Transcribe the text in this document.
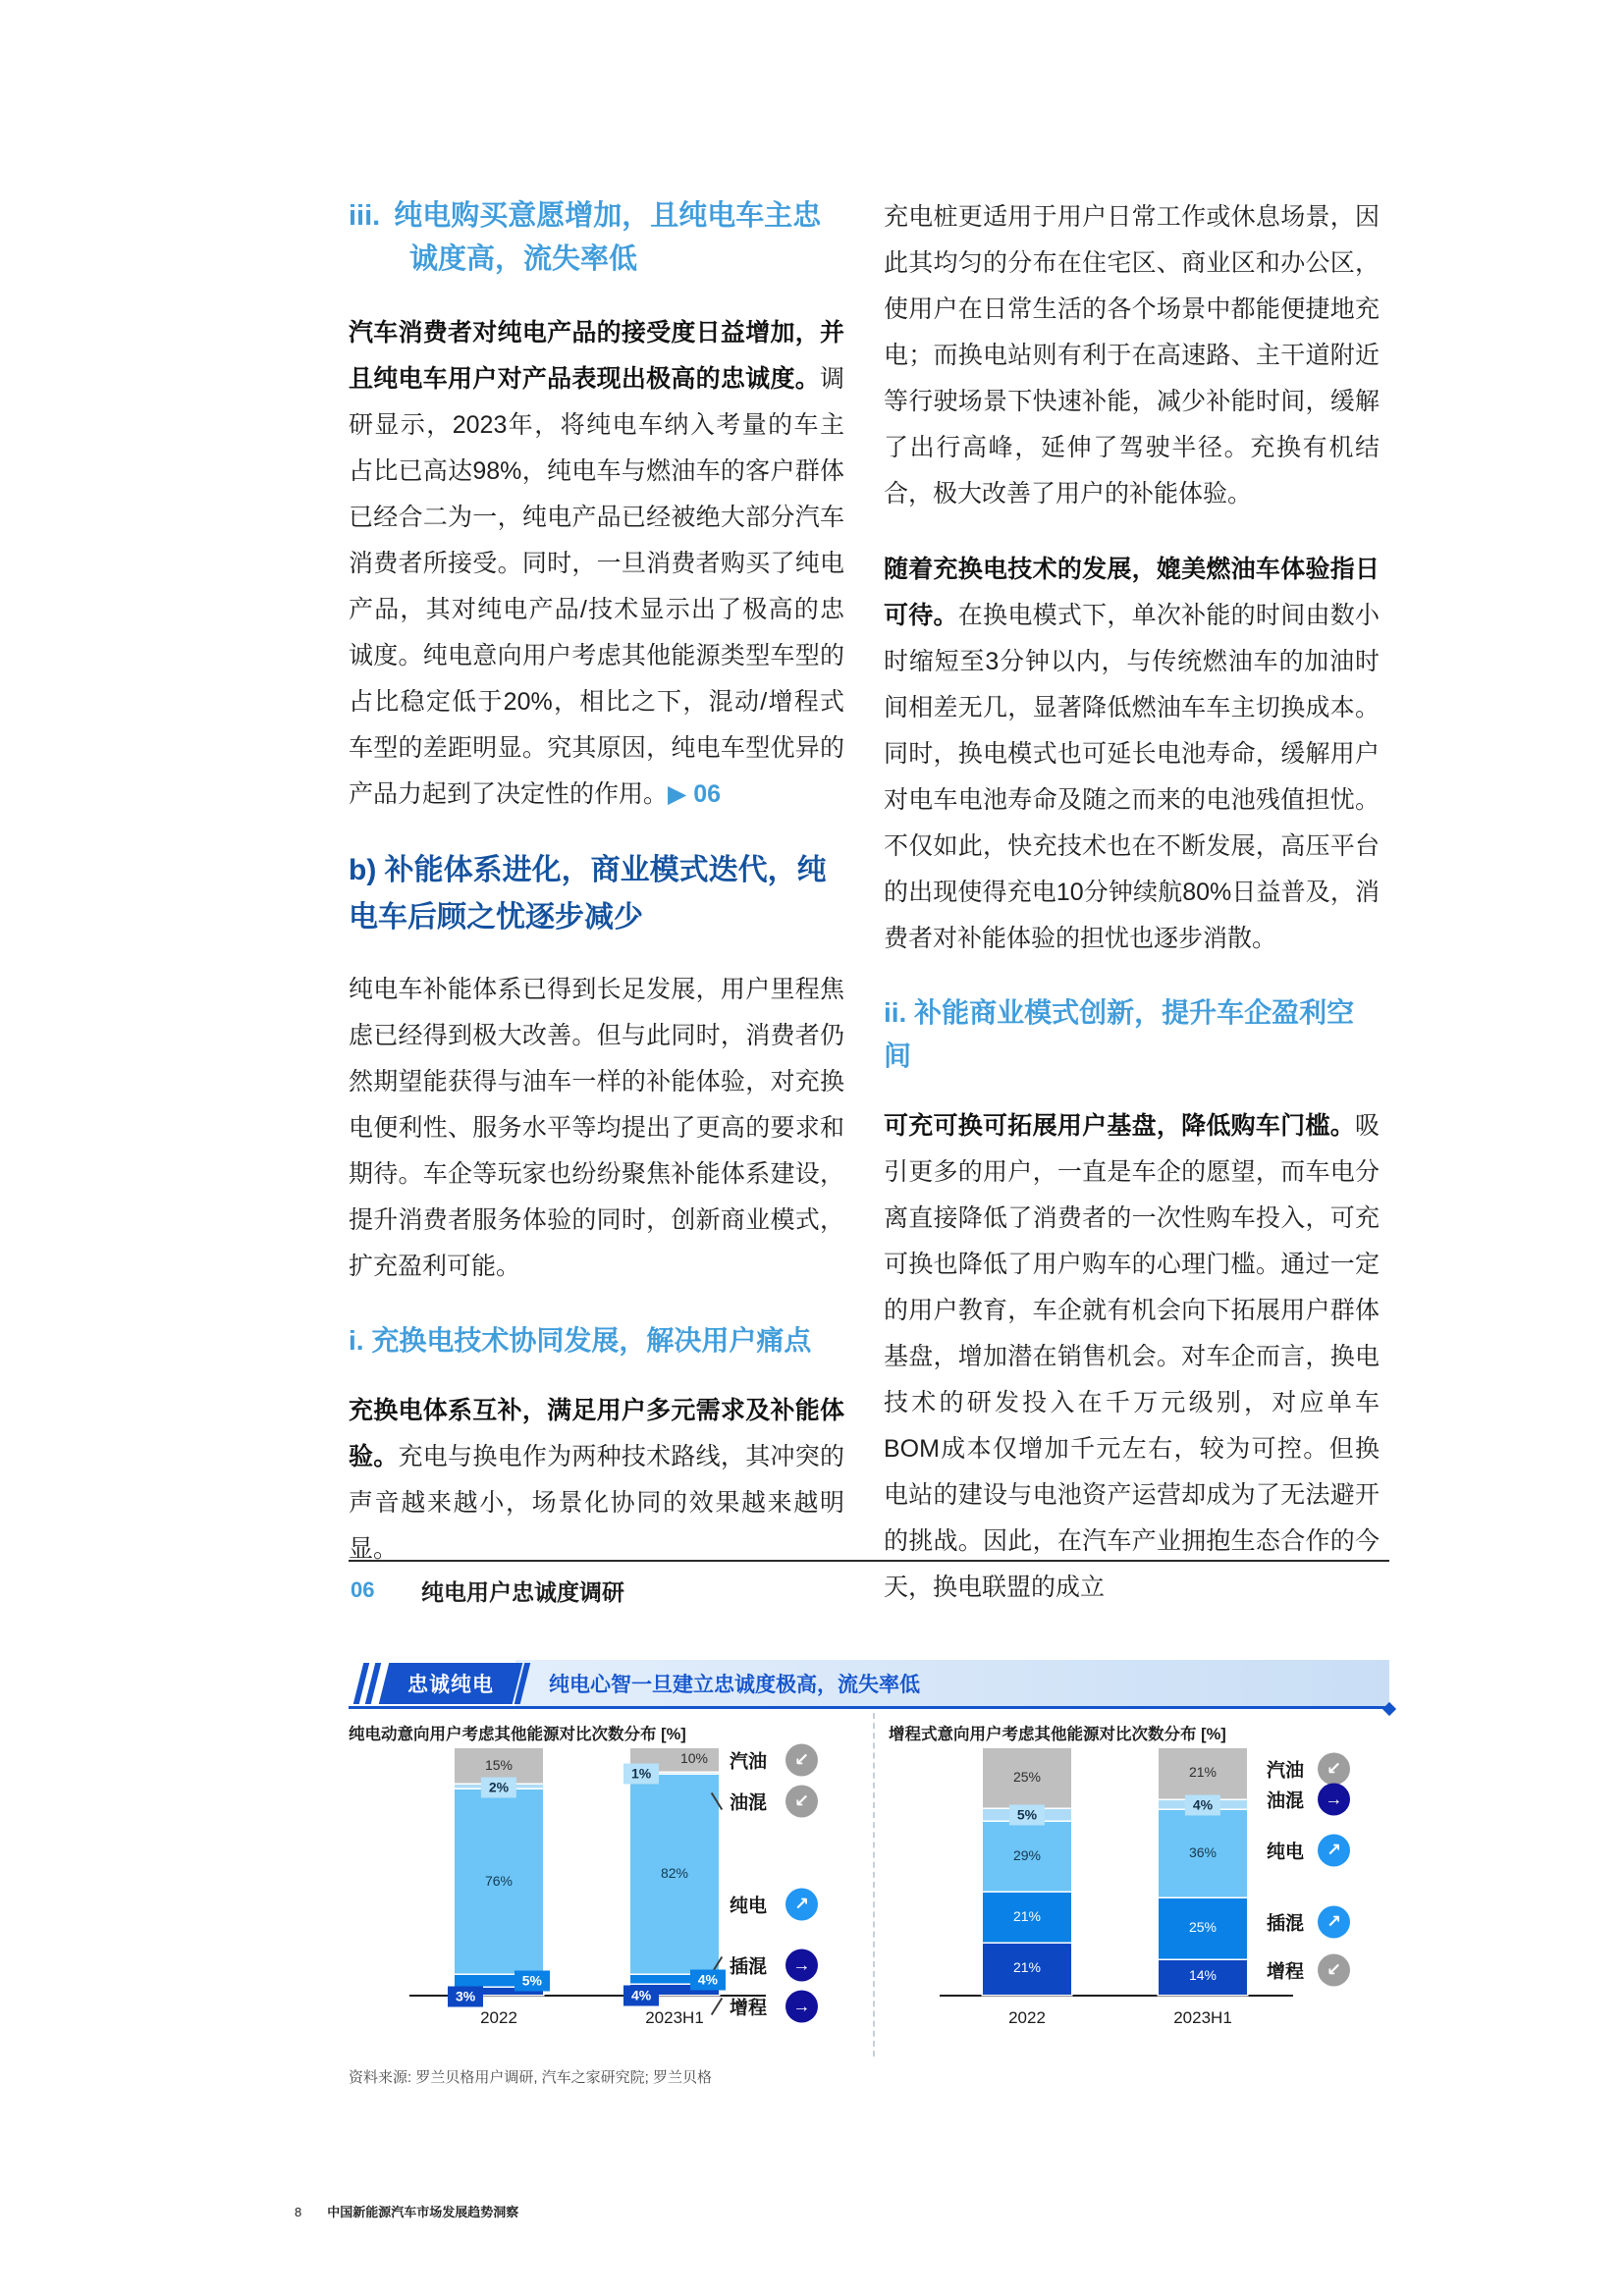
iii. 纯电购买意愿增加，且纯电车主忠诚度高，流失率低

汽车消费者对纯电产品的接受度日益增加，并且纯电车用户对产品表现出极高的忠诚度。调研显示，2023年，将纯电车纳入考量的车主占比已高达98%，纯电车与燃油车的客户群体已经合二为一，纯电产品已经被绝大部分汽车消费者所接受。同时，一旦消费者购买了纯电产品，其对纯电产品/技术显示出了极高的忠诚度。纯电意向用户考虑其他能源类型车型的占比稳定低于20%，相比之下，混动/增程式车型的差距明显。究其原因，纯电车型优异的产品力起到了决定性的作用。▶ 06

b) 补能体系进化，商业模式迭代，纯电车后顾之忧逐步减少

纯电车补能体系已得到长足发展，用户里程焦虑已经得到极大改善。但与此同时，消费者仍然期望能获得与油车一样的补能体验，对充换电便利性、服务水平等均提出了更高的要求和期待。车企等玩家也纷纷聚焦补能体系建设，提升消费者服务体验的同时，创新商业模式，扩充盈利可能。

i. 充换电技术协同发展，解决用户痛点

充换电体系互补，满足用户多元需求及补能体验。充电与换电作为两种技术路线，其冲突的声音越来越小，场景化协同的效果越来越明显。

充电桩更适用于用户日常工作或休息场景，因此其均匀的分布在住宅区、商业区和办公区，使用户在日常生活的各个场景中都能便捷地充电；而换电站则有利于在高速路、主干道附近等行驶场景下快速补能，减少补能时间，缓解了出行高峰，延伸了驾驶半径。充换有机结合，极大改善了用户的补能体验。

随着充换电技术的发展，媲美燃油车体验指日可待。在换电模式下，单次补能的时间由数小时缩短至3分钟以内，与传统燃油车的加油时间相差无几，显著降低燃油车车主切换成本。同时，换电模式也可延长电池寿命，缓解用户对电车电池寿命及随之而来的电池残值担忧。不仅如此，快充技术也在不断发展，高压平台的出现使得充电10分钟续航80%日益普及，消费者对补能体验的担忧也逐步消散。

ii. 补能商业模式创新，提升车企盈利空间

可充可换可拓展用户基盘，降低购车门槛。吸引更多的用户，一直是车企的愿望，而车电分离直接降低了消费者的一次性购车投入，可充可换也降低了用户购车的心理门槛。通过一定的用户教育，车企就有机会向下拓展用户群体基盘，增加潜在销售机会。对车企而言，换电技术的研发投入在千万元级别，对应单车BOM成本仅增加千元左右，较为可控。但换电站的建设与电池资产运营却成为了无法避开的挑战。因此，在汽车产业拥抱生态合作的今天，换电联盟的成立

06 纯电用户忠诚度调研
忠诚纯电	纯电心智一旦建立忠诚度极高，流失率低
纯电动意向用户考虑其他能源对比次数分布 [%]
15%
2%
76%
5%
3%
2022
10%
1%
82%
4%
4%
2023H1
汽油	↙
油混	↙
纯电	↗
插混	→
增程	→
增程式意向用户考虑其他能源对比次数分布 [%]
25%
5%
29%
21%
21%
2022
21%
4%
36%
25%
14%
2023H1
汽油	↙
油混	→
纯电	↗
插混	↗
增程	↙
资料来源: 罗兰贝格用户调研, 汽车之家研究院; 罗兰贝格
8 中国新能源汽车市场发展趋势洞察
